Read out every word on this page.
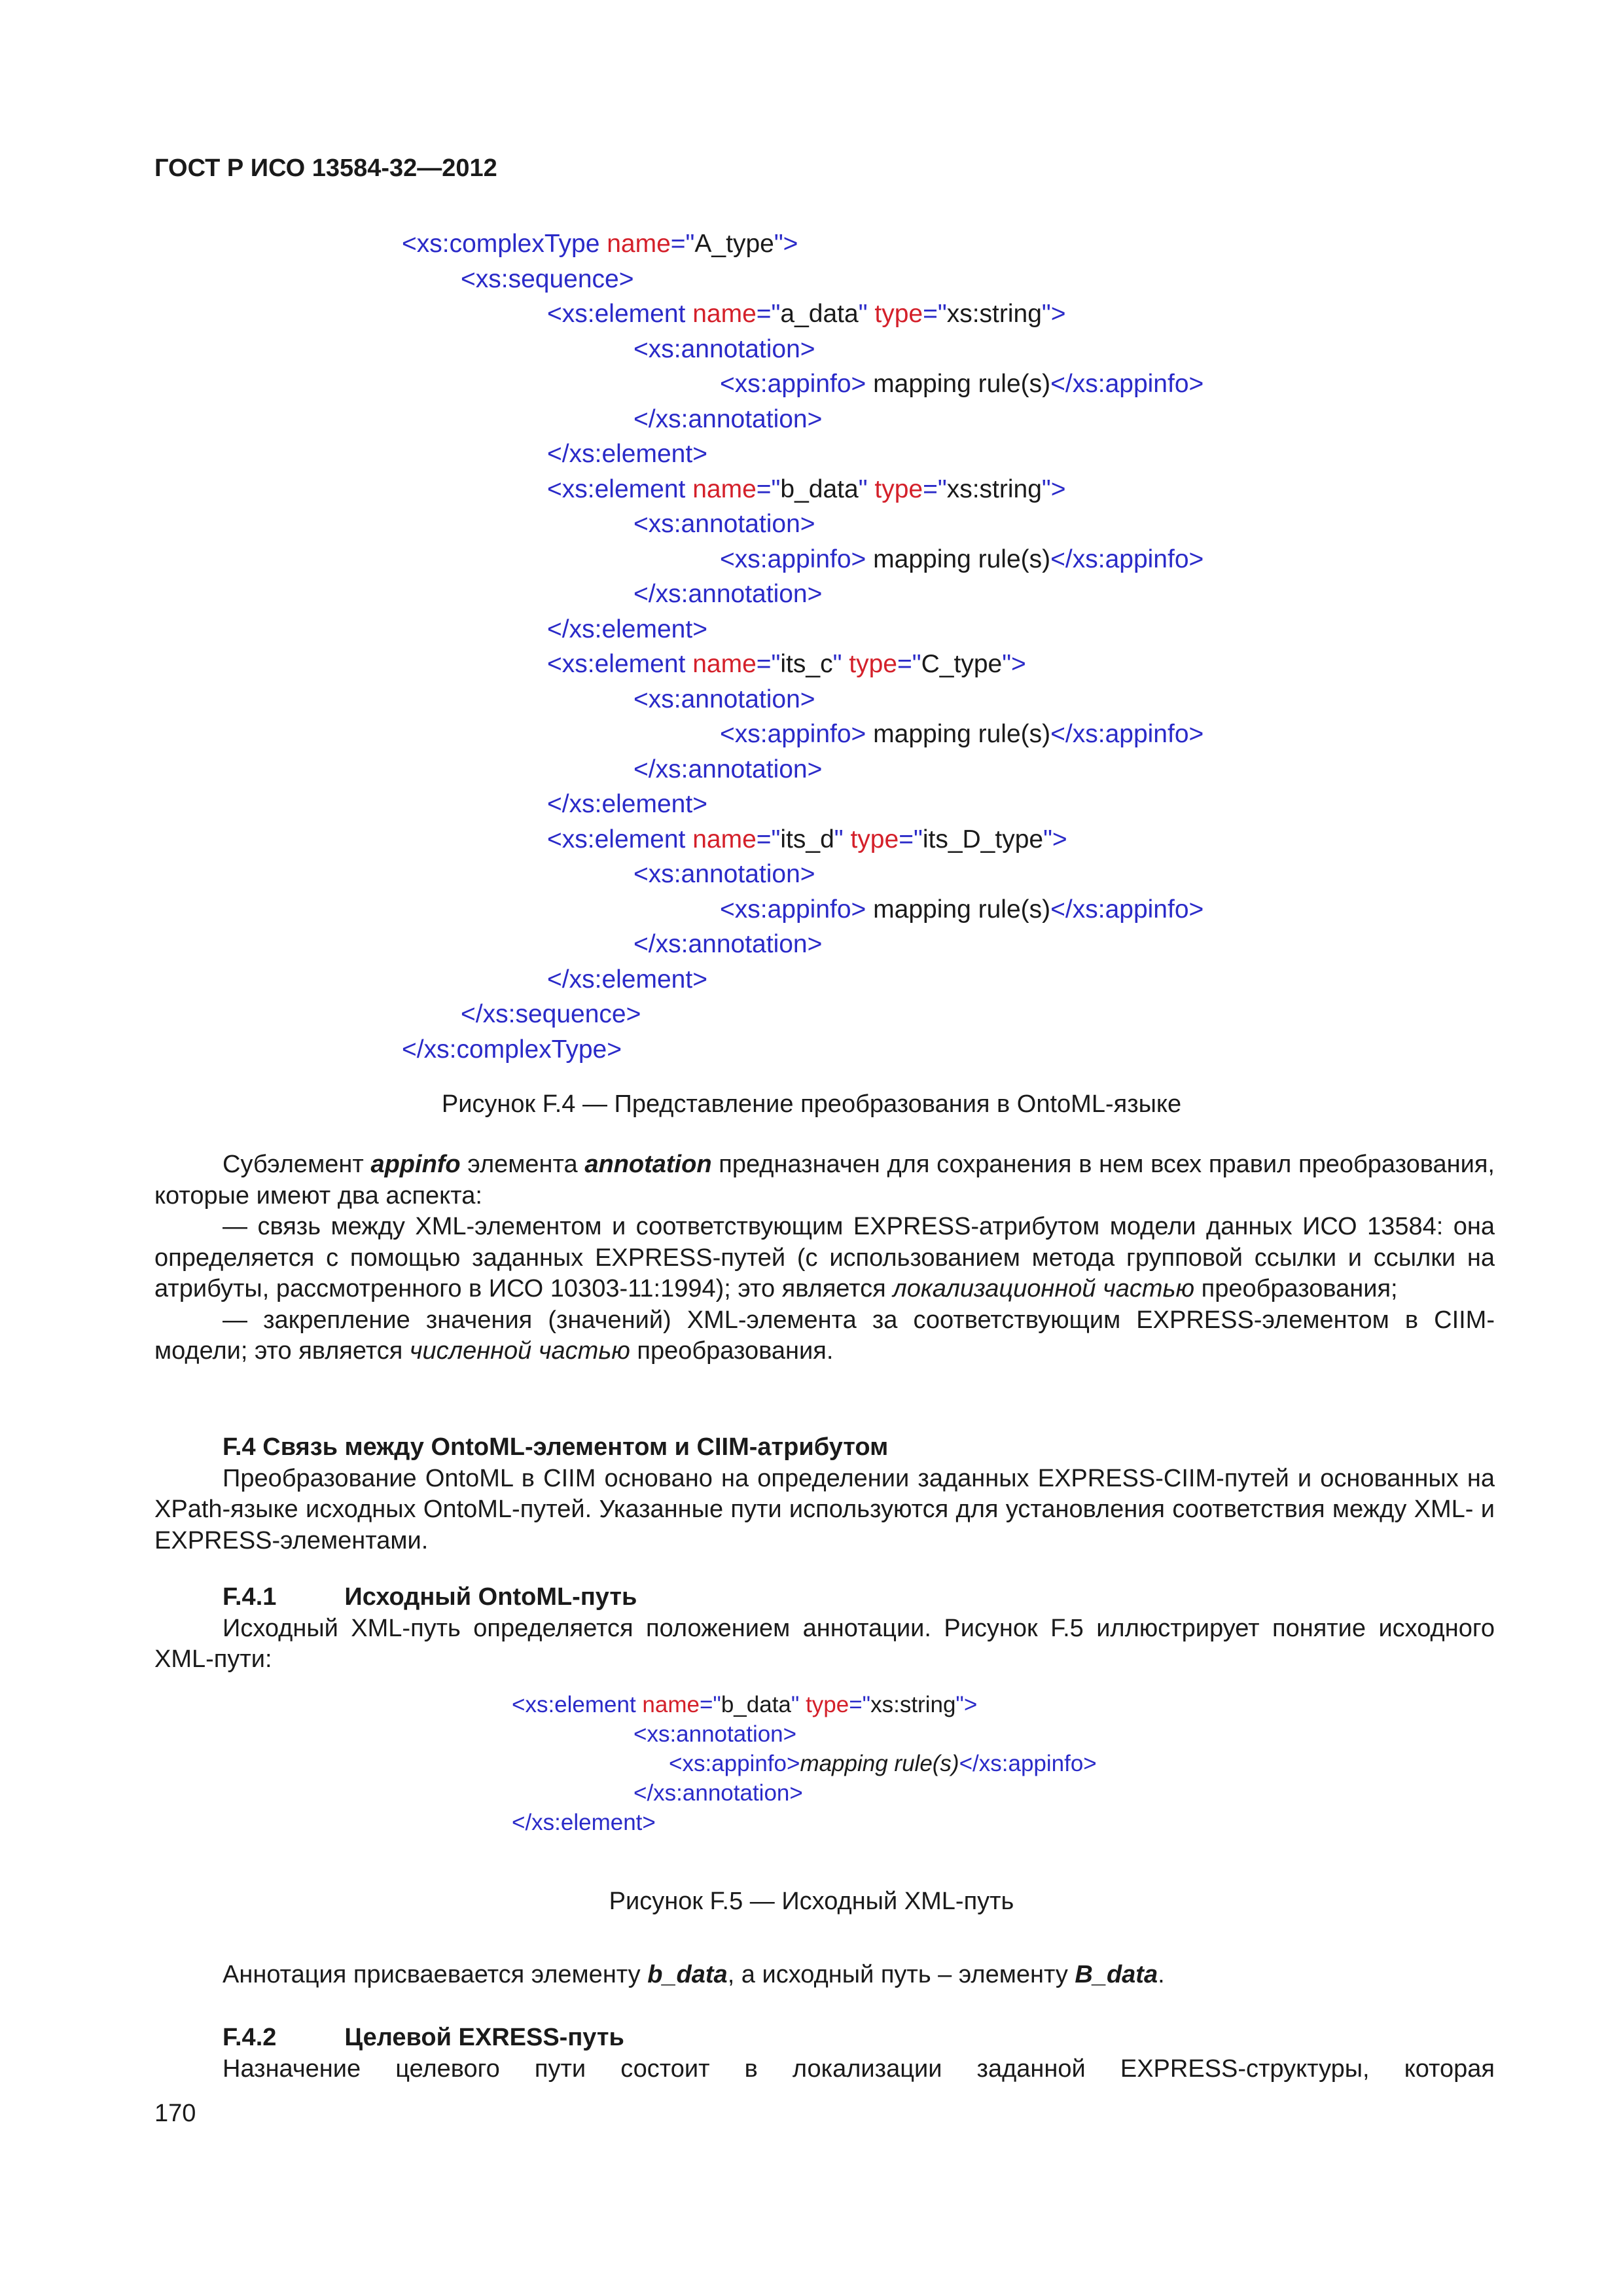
ГОСТ Р ИСО 13584-32—2012
<xs:complexType name="A_type">
<xs:sequence>
<xs:element name="a_data" type="xs:string">
<xs:annotation>
<xs:appinfo> mapping rule(s)</xs:appinfo>
</xs:annotation>
</xs:element>
<xs:element name="b_data" type="xs:string">
<xs:annotation>
<xs:appinfo> mapping rule(s)</xs:appinfo>
</xs:annotation>
</xs:element>
<xs:element name="its_c" type="C_type">
<xs:annotation>
<xs:appinfo> mapping rule(s)</xs:appinfo>
</xs:annotation>
</xs:element>
<xs:element name="its_d" type="its_D_type">
<xs:annotation>
<xs:appinfo> mapping rule(s)</xs:appinfo>
</xs:annotation>
</xs:element>
</xs:sequence>
</xs:complexType>
Рисунок F.4 — Представление преобразования в OntoML-языке

Субэлемент appinfo элемента annotation предназначен для сохранения в нем всех правил преобразования, которые имеют два аспекта:

— связь между XML-элементом и соответствующим EXPRESS-атрибутом модели данных ИСО 13584: она определяется с помощью заданных EXPRESS-путей (с использованием метода групповой ссылки и ссылки на атрибуты, рассмотренного в ИСО 10303-11:1994); это является локализационной частью преобразования;

— закрепление значения (значений) XML-элемента за соответствующим EXPRESS-элементом в CIIM-модели; это является численной частью преобразования.

F.4 Связь между OntoML-элементом и CIIM-атрибутом

Преобразование OntoML в CIIM основано на определении заданных EXPRESS-CIIM-путей и основанных на XPath-языке исходных OntoML-путей. Указанные пути используются для установления соответствия между XML- и EXPRESS-элементами.

F.4.1	Исходный OntoML-путь

Исходный XML-путь определяется положением аннотации. Рисунок F.5 иллюстрирует понятие исходного XML-пути:

<xs:element name="b_data" type="xs:string">
<xs:annotation>
<xs:appinfo>mapping rule(s)</xs:appinfo>
</xs:annotation>
</xs:element>
Рисунок F.5 — Исходный XML-путь

Аннотация присваевается элементу b_data, а исходный путь – элементу B_data.

F.4.2	Целевой EXRESS-путь

Назначение целевого пути состоит в локализации заданной EXPRESS-структуры, которая

170
